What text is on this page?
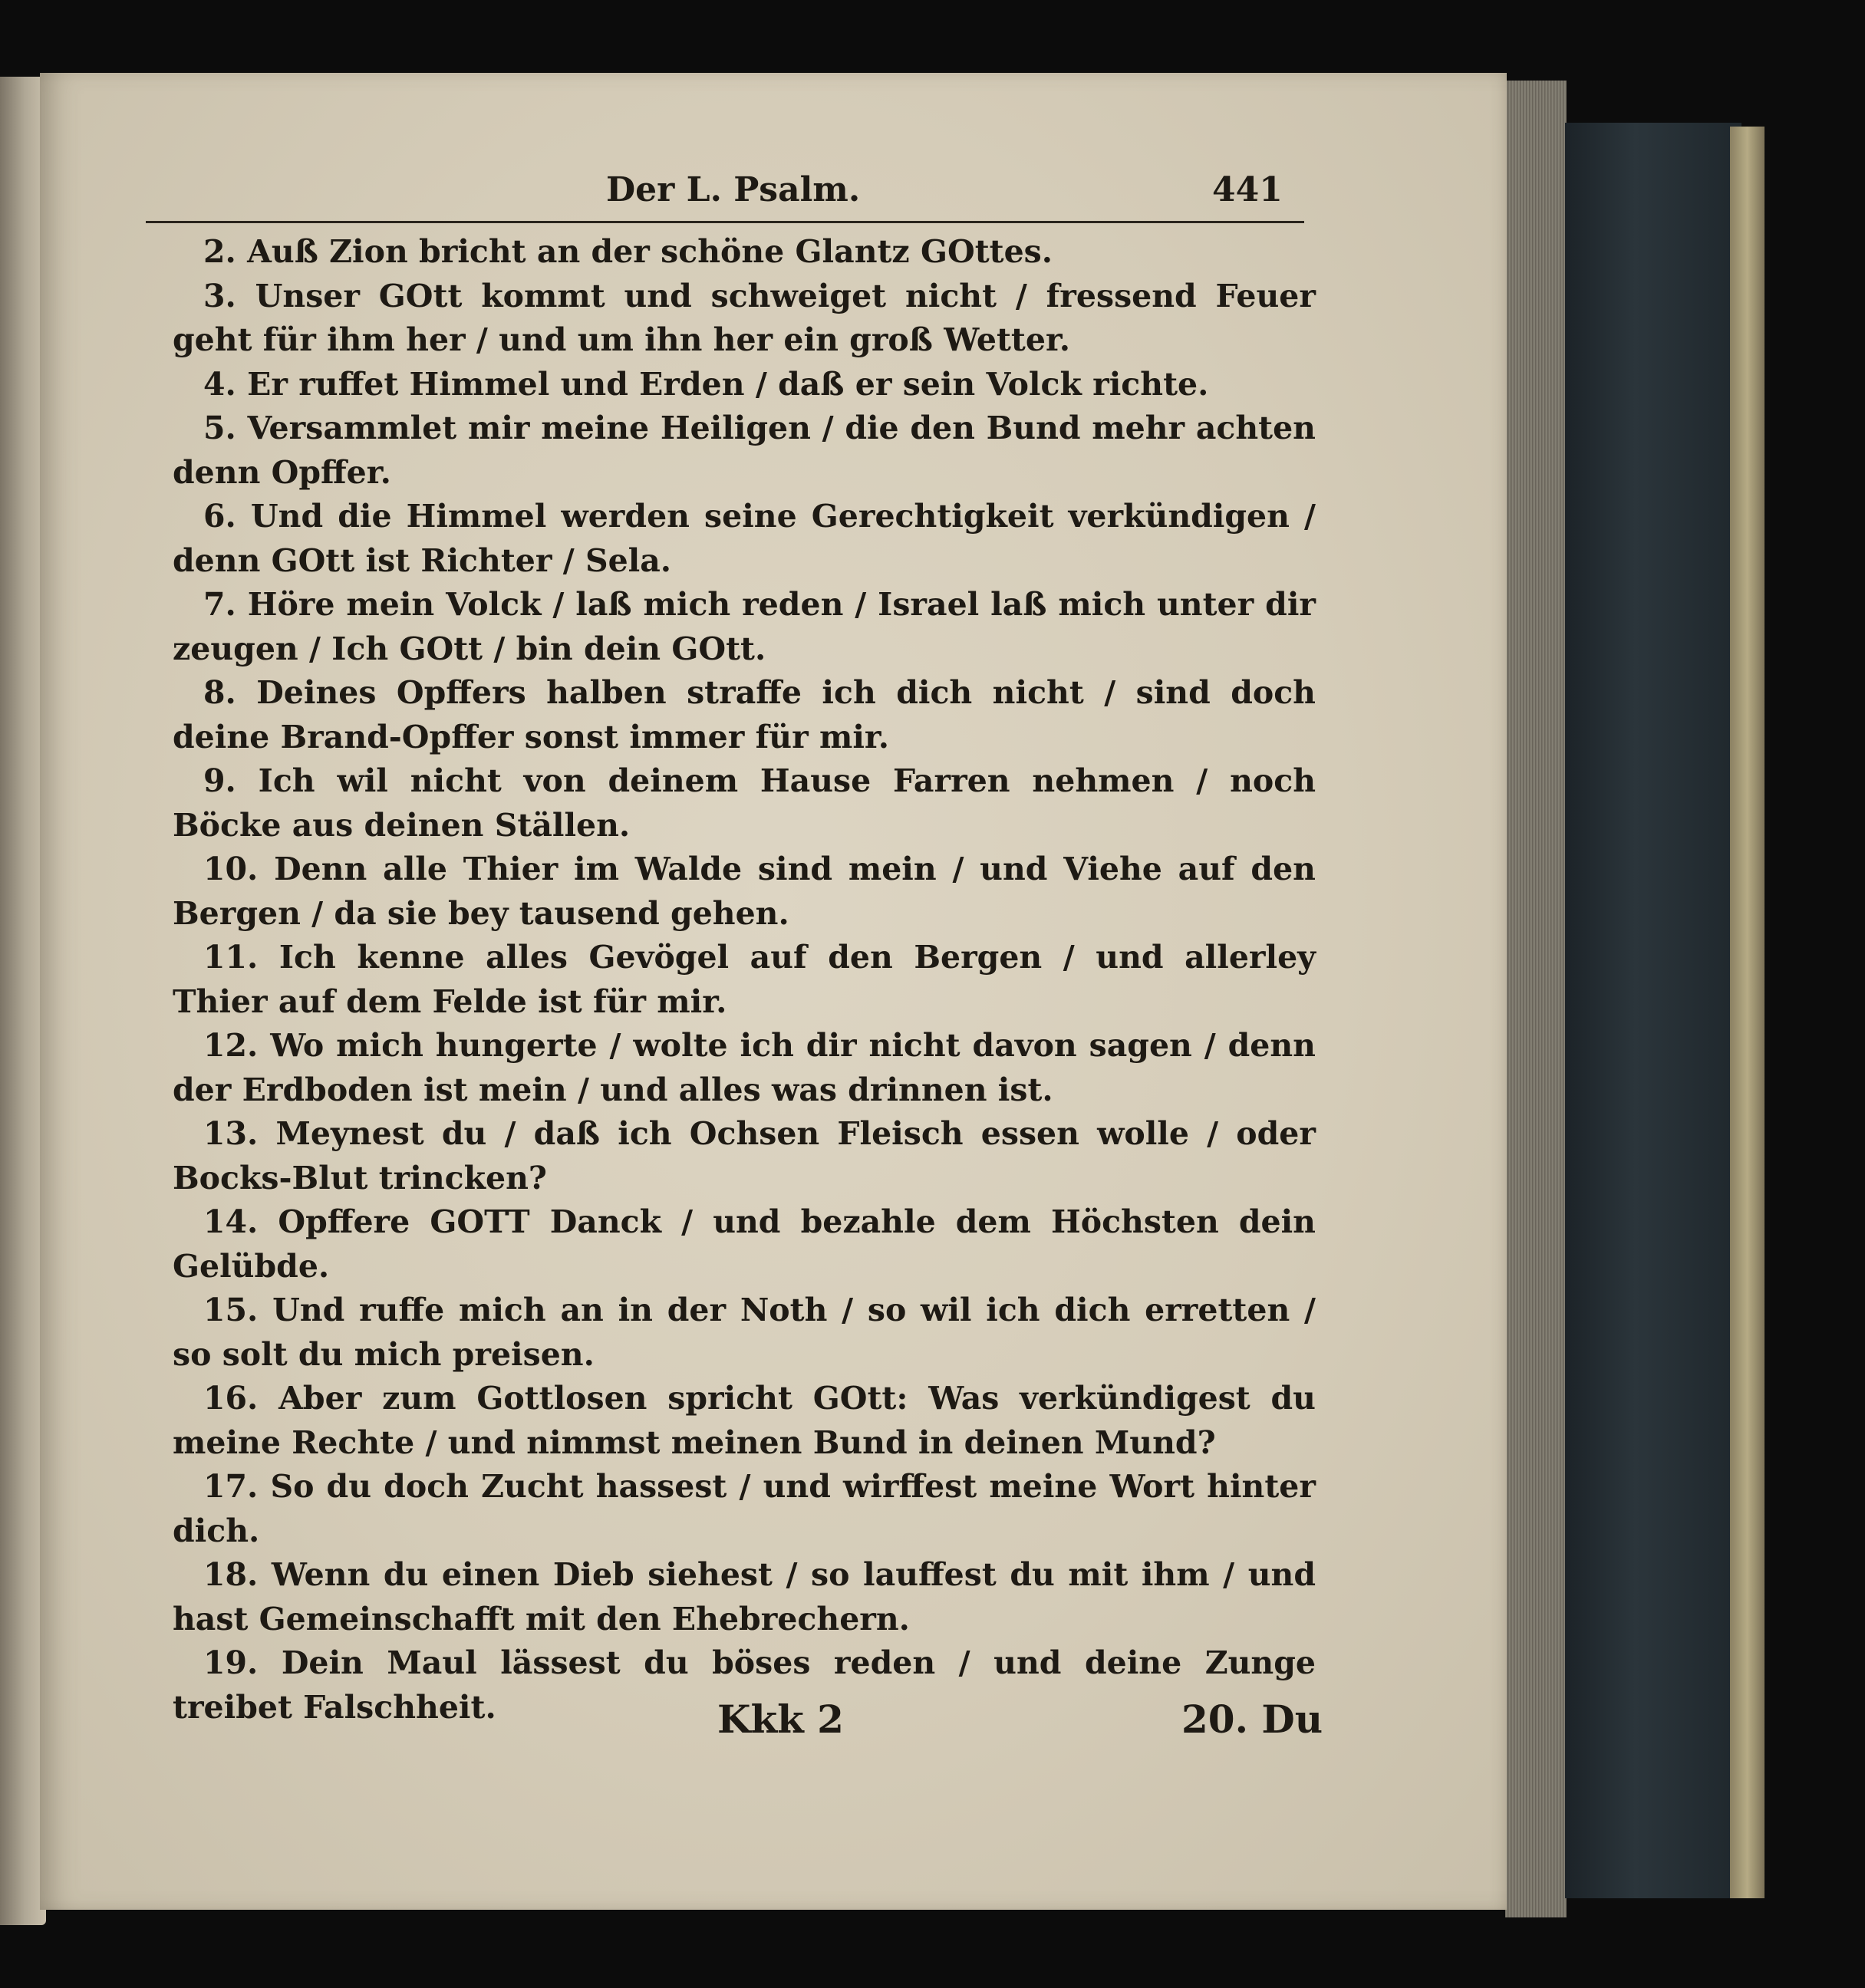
Der L. Psalm.	441

2. Auß Zion bricht an der schöne Glantz GOttes.

3. Unser GOtt kommt und schweiget nicht / fressend Feuer geht für ihm her / und um ihn her ein groß Wetter.

4. Er ruffet Himmel und Erden / daß er sein Volck richte.

5. Versammlet mir meine Heiligen / die den Bund mehr achten denn Opffer.

6. Und die Himmel werden seine Gerechtigkeit verkündigen / denn GOtt ist Richter / Sela.

7. Höre mein Volck / laß mich reden / Israel laß mich unter dir zeugen / Ich GOtt / bin dein GOtt.

8. Deines Opffers halben straffe ich dich nicht / sind doch deine Brand-Opffer sonst immer für mir.

9. Ich wil nicht von deinem Hause Farren nehmen / noch Böcke aus deinen Ställen.

10. Denn alle Thier im Walde sind mein / und Viehe auf den Bergen / da sie bey tausend gehen.

11. Ich kenne alles Gevögel auf den Bergen / und allerley Thier auf dem Felde ist für mir.

12. Wo mich hungerte / wolte ich dir nicht davon sagen / denn der Erdboden ist mein / und alles was drinnen ist.

13. Meynest du / daß ich Ochsen Fleisch essen wolle / oder Bocks-Blut trincken?

14. Opffere GOTT Danck / und bezahle dem Höchsten dein Gelübde.

15. Und ruffe mich an in der Noth / so wil ich dich erretten / so solt du mich preisen.

16. Aber zum Gottlosen spricht GOtt: Was verkündigest du meine Rechte / und nimmst meinen Bund in deinen Mund?

17. So du doch Zucht hassest / und wirffest meine Wort hinter dich.

18. Wenn du einen Dieb siehest / so lauffest du mit ihm / und hast Gemeinschafft mit den Ehebrechern.

19. Dein Maul lässest du böses reden / und deine Zunge treibet Falschheit.	Kkk 2	20. Du
